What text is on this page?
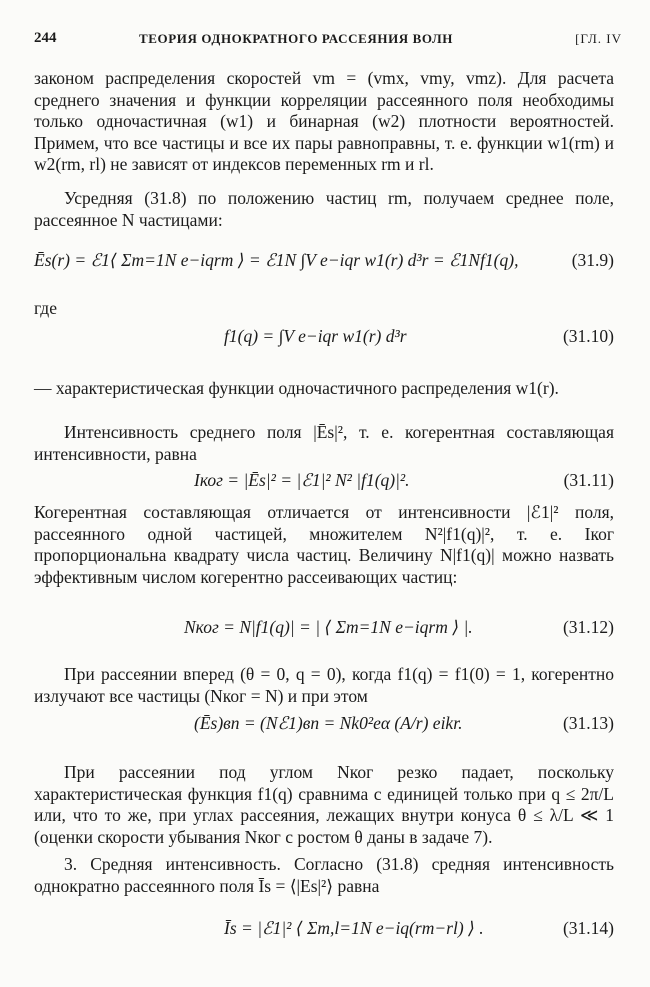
244	ТЕОРИЯ ОДНОКРАТНОГО РАССЕЯНИЯ ВОЛН	[ГЛ. IV

законом распределения скоростей vm = (vmx, vmy, vmz). Для расчета среднего значения и функции корреляции рассеянного поля необходимы только одночастичная (w1) и бинарная (w2) плотности вероятностей. Примем, что все частицы и все их пары равноправны, т. е. функции w1(rm) и w2(rm, rl) не зависят от индексов переменных rm и rl.

Усредняя (31.8) по положению частиц rm, получаем среднее поле, рассеянное N частицами:

Ēs(r) = ℰ1⟨ Σm=1N e−iqrm ⟩ = ℰ1N ∫V e−iqr w1(r) d³r = ℰ1Nf1(q),	(31.9)

где

f1(q) = ∫V e−iqr w1(r) d³r	(31.10)

— характеристическая функции одночастичного распределения w1(r).

Интенсивность среднего поля |Ēs|², т. е. когерентная составляющая интенсивности, равна

Iког = |Ēs|² = |ℰ1|² N² |f1(q)|².	(31.11)

Когерентная составляющая отличается от интенсивности |ℰ1|² поля, рассеянного одной частицей, множителем N²|f1(q)|², т. е. Iког пропорциональна квадрату числа частиц. Величину N|f1(q)| можно назвать эффективным числом когерентно рассеивающих частиц:

Nког = N|f1(q)| = | ⟨ Σm=1N e−iqrm ⟩ |.	(31.12)

При рассеянии вперед (θ = 0, q = 0), когда f1(q) = f1(0) = 1, когерентно излучают все частицы (Nког = N) и при этом

(Ēs)вп = (Nℰ1)вп = Nk0²eα (A/r) eikr.	(31.13)

При рассеянии под углом Nког резко падает, поскольку характеристическая функция f1(q) сравнима с единицей только при q ≤ 2π/L или, что то же, при углах рассеяния, лежащих внутри конуса θ ≤ λ/L ≪ 1 (оценки скорости убывания Nког с ростом θ даны в задаче 7).

3. Средняя интенсивность. Согласно (31.8) средняя интенсивность однократно рассеянного поля Īs = ⟨|Es|²⟩ равна

Īs = |ℰ1|² ⟨ Σm,l=1N e−iq(rm−rl) ⟩ .	(31.14)
